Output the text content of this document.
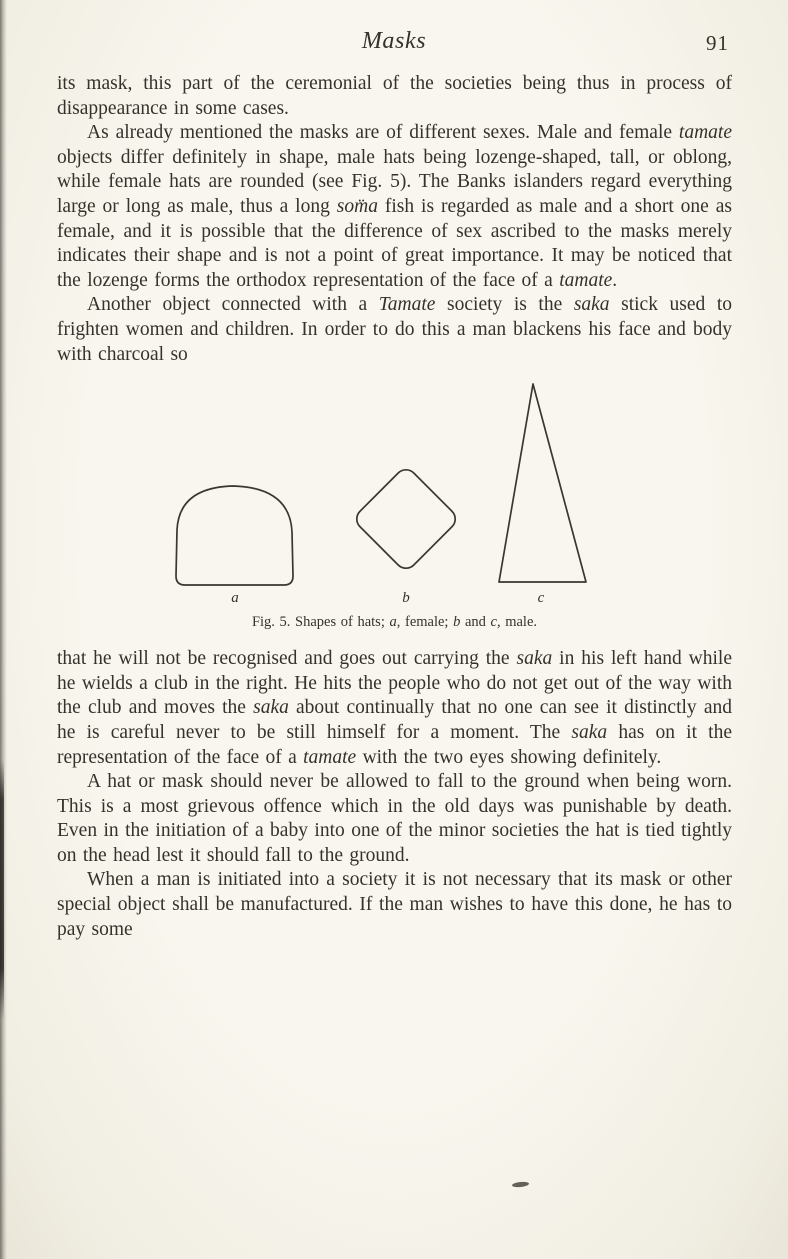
Masks	91

its mask, this part of the ceremonial of the societies being thus in process of disappearance in some cases.

As already mentioned the masks are of different sexes. Male and female tamate objects differ definitely in shape, male hats being lozenge-shaped, tall, or oblong, while female hats are rounded (see Fig. 5). The Banks islanders regard everything large or long as male, thus a long som̈a fish is regarded as male and a short one as female, and it is possible that the difference of sex ascribed to the masks merely indicates their shape and is not a point of great importance. It may be noticed that the lozenge forms the orthodox representation of the face of a tamate.

Another object connected with a Tamate society is the saka stick used to frighten women and children. In order to do this a man blackens his face and body with charcoal so

a	b	c
Fig. 5. Shapes of hats; a, female; b and c, male.

that he will not be recognised and goes out carrying the saka in his left hand while he wields a club in the right. He hits the people who do not get out of the way with the club and moves the saka about continually that no one can see it distinctly and he is careful never to be still himself for a moment. The saka has on it the representation of the face of a tamate with the two eyes showing definitely.

A hat or mask should never be allowed to fall to the ground when being worn. This is a most grievous offence which in the old days was punishable by death. Even in the initiation of a baby into one of the minor societies the hat is tied tightly on the head lest it should fall to the ground.

When a man is initiated into a society it is not necessary that its mask or other special object shall be manufactured. If the man wishes to have this done, he has to pay some
